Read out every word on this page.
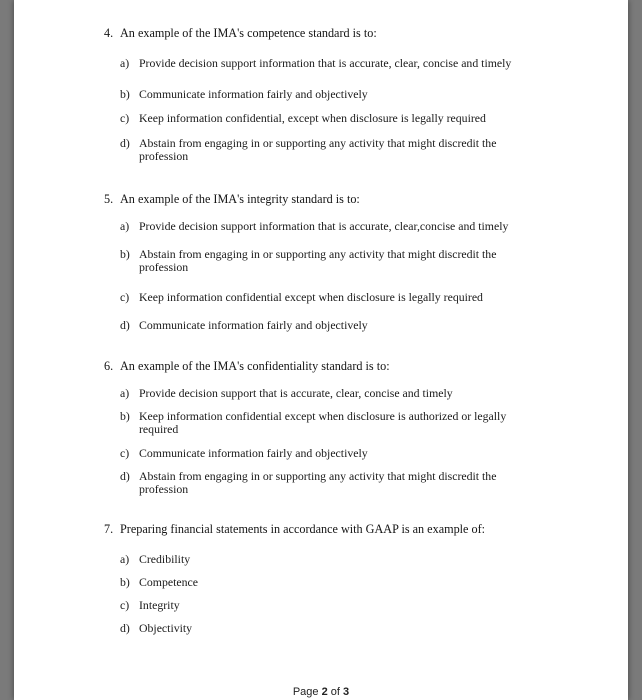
4. An example of the IMA's competence standard is to:
a) Provide decision support information that is accurate, clear, concise and timely
b) Communicate information fairly and objectively
c) Keep information confidential, except when disclosure is legally required
d) Abstain from engaging in or supporting any activity that might discredit the profession
5. An example of the IMA's integrity standard is to:
a) Provide decision support information that is accurate, clear,concise and timely
b) Abstain from engaging in or supporting any activity that might discredit the profession
c) Keep information confidential except when disclosure is legally required
d) Communicate information fairly and objectively
6. An example of the IMA's confidentiality standard is to:
a) Provide decision support that is accurate, clear, concise and timely
b) Keep information confidential except when disclosure is authorized or legally required
c) Communicate information fairly and objectively
d) Abstain from engaging in or supporting any activity that might discredit the profession
7. Preparing financial statements in accordance with GAAP is an example of:
a) Credibility
b) Competence
c) Integrity
d) Objectivity
Page 2 of 3
